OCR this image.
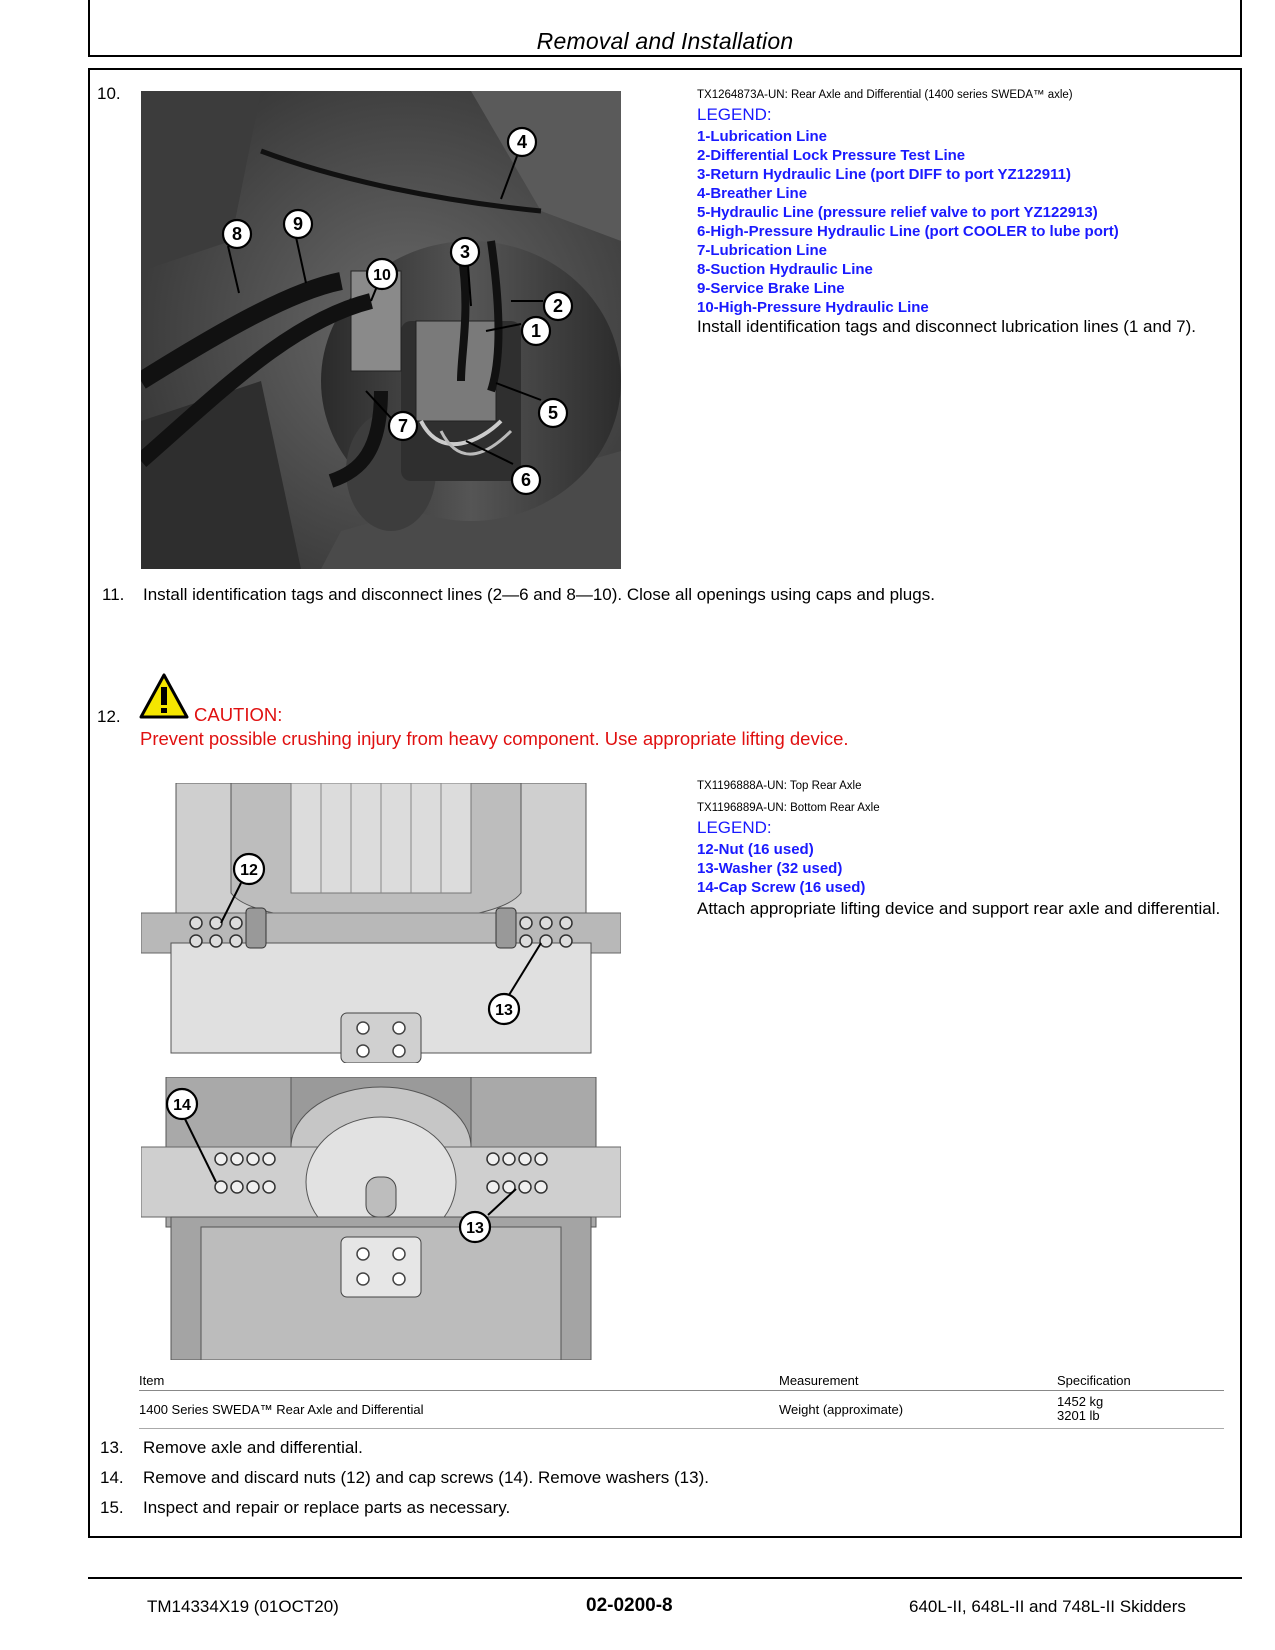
Removal and Installation
10.
1
2
3
4
5
6
7
8	9
10
TX1264873A-UN: Rear Axle and Differential (1400 series SWEDA™ axle)
LEGEND:
1-Lubrication Line
2-Differential Lock Pressure Test Line
3-Return Hydraulic Line (port DIFF to port YZ122911)
4-Breather Line
5-Hydraulic Line (pressure relief valve to port YZ122913)
6-High-Pressure Hydraulic Line (port COOLER to lube port)
7-Lubrication Line
8-Suction Hydraulic Line
9-Service Brake Line
10-High-Pressure Hydraulic Line
Install identification tags and disconnect lubrication lines (1 and 7).
11. Install identification tags and disconnect lines (2—6 and 8—10). Close all openings using caps and plugs.
12.	CAUTION:
Prevent possible crushing injury from heavy component. Use appropriate lifting device.
12
13
14
13
TX1196888A-UN: Top Rear Axle
TX1196889A-UN: Bottom Rear Axle
LEGEND:
12-Nut (16 used)
13-Washer (32 used)
14-Cap Screw (16 used)
Attach appropriate lifting device and support rear axle and differential.
Item	Measurement	Specification
1400 Series SWEDA™ Rear Axle and Differential	Weight (approximate)	1452 kg
3201 lb
13. Remove axle and differential.
14. Remove and discard nuts (12) and cap screws (14). Remove washers (13).
15. Inspect and repair or replace parts as necessary.
TM14334X19 (01OCT20)	02-0200-8	640L-II, 648L-II and 748L-II Skidders
